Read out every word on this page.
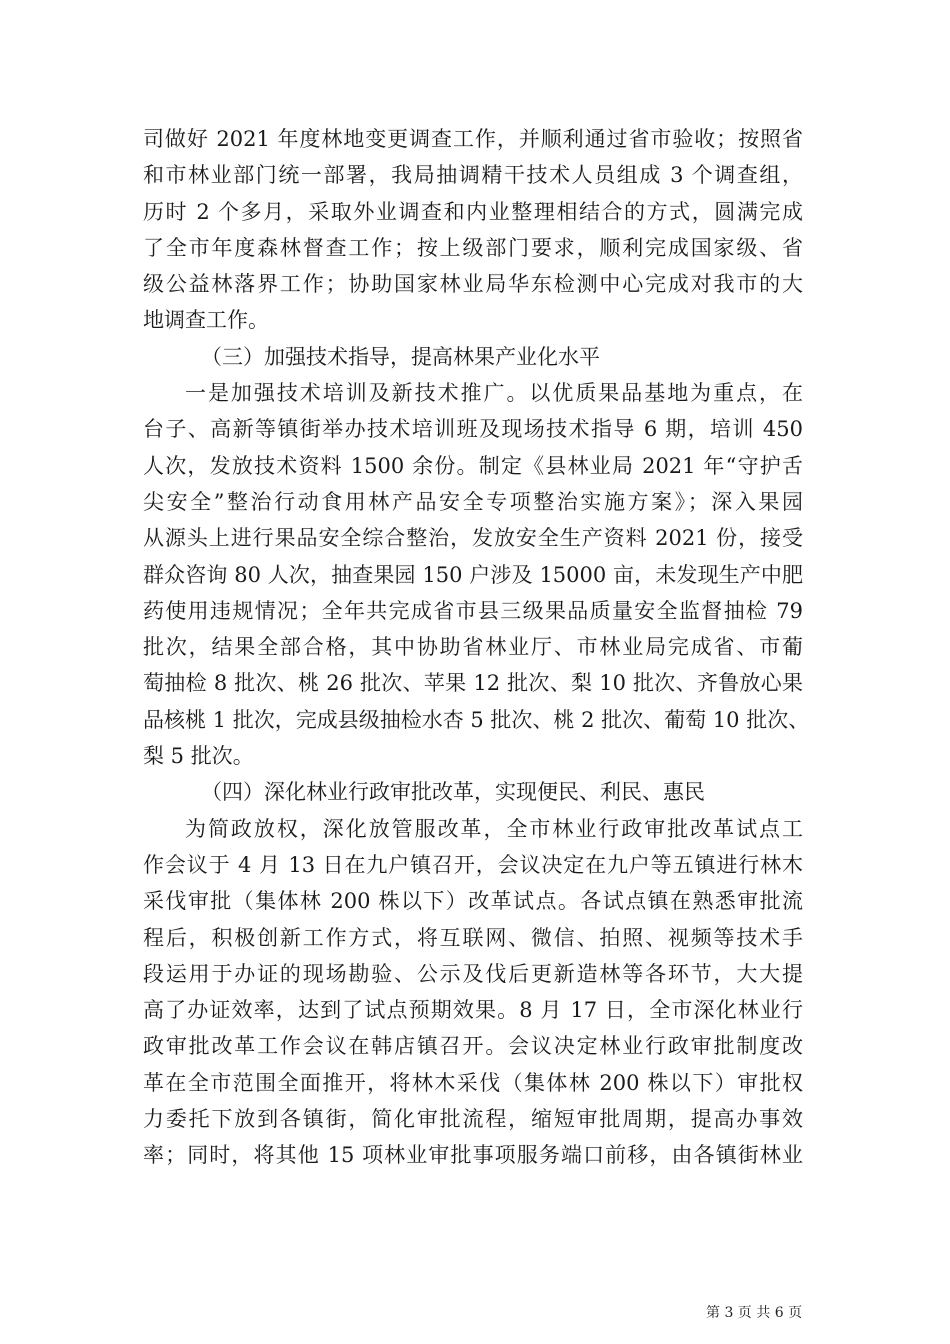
司做好 2021 年度林地变更调查工作，并顺利通过省市验收；按照省
和市林业部门统一部署，我局抽调精干技术人员组成 3 个调查组，
历时 2 个多月，采取外业调查和内业整理相结合的方式，圆满完成
了全市年度森林督查工作；按上级部门要求，顺利完成国家级、省
级公益林落界工作；协助国家林业局华东检测中心完成对我市的大
地调查工作。
（三）加强技术指导，提高林果产业化水平
一是加强技术培训及新技术推广。以优质果品基地为重点，在
台子、高新等镇街举办技术培训班及现场技术指导 6 期，培训 450
人次，发放技术资料 1500 余份。制定《县林业局 2021 年“守护舌
尖安全”整治行动食用林产品安全专项整治实施方案》；深入果园
从源头上进行果品安全综合整治，发放安全生产资料 2021 份，接受
群众咨询 80 人次，抽查果园 150 户涉及 15000 亩，未发现生产中肥
药使用违规情况；全年共完成省市县三级果品质量安全监督抽检 79
批次，结果全部合格，其中协助省林业厅、市林业局完成省、市葡
萄抽检 8 批次、桃 26 批次、苹果 12 批次、梨 10 批次、齐鲁放心果
品核桃 1 批次，完成县级抽检水杏 5 批次、桃 2 批次、葡萄 10 批次、
梨 5 批次。
（四）深化林业行政审批改革，实现便民、利民、惠民
为简政放权，深化放管服改革，全市林业行政审批改革试点工
作会议于 4 月 13 日在九户镇召开，会议决定在九户等五镇进行林木
采伐审批（集体林 200 株以下）改革试点。各试点镇在熟悉审批流
程后，积极创新工作方式，将互联网、微信、拍照、视频等技术手
段运用于办证的现场勘验、公示及伐后更新造林等各环节，大大提
高了办证效率，达到了试点预期效果。8 月 17 日，全市深化林业行
政审批改革工作会议在韩店镇召开。会议决定林业行政审批制度改
革在全市范围全面推开，将林木采伐（集体林 200 株以下）审批权
力委托下放到各镇街，简化审批流程，缩短审批周期，提高办事效
率；同时，将其他 15 项林业审批事项服务端口前移，由各镇街林业
第 3 页 共 6 页
